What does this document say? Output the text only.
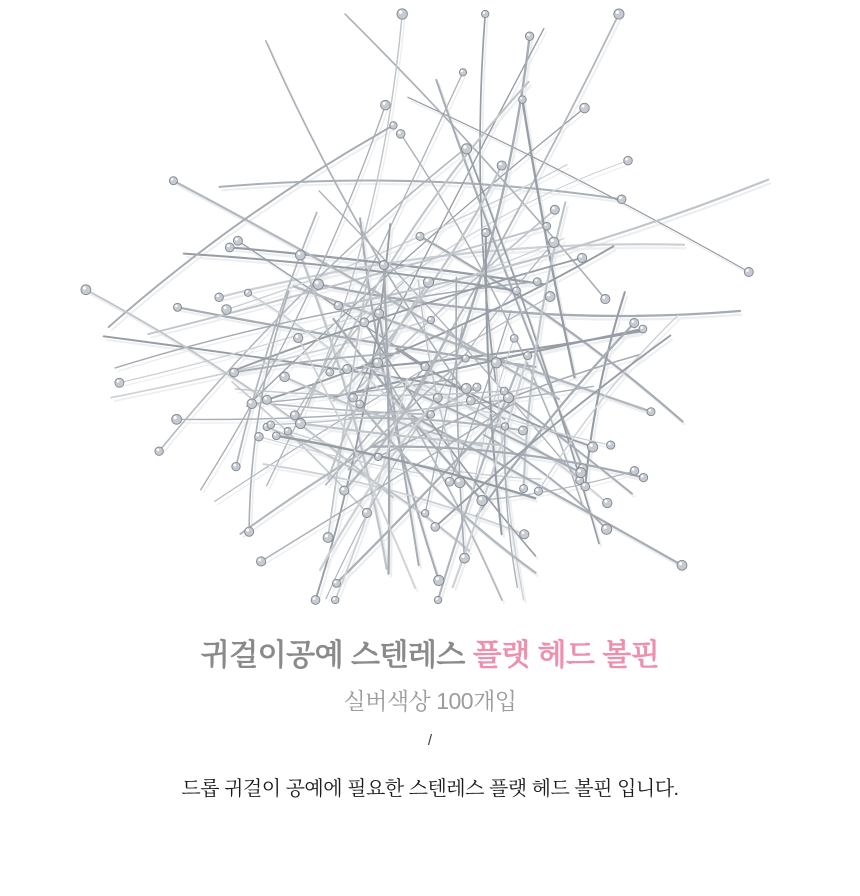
귀걸이공예 스텐레스 플랫 헤드 볼핀
실버색상 100개입
/
드롭 귀걸이 공예에 필요한 스텐레스 플랫 헤드 볼핀 입니다.
